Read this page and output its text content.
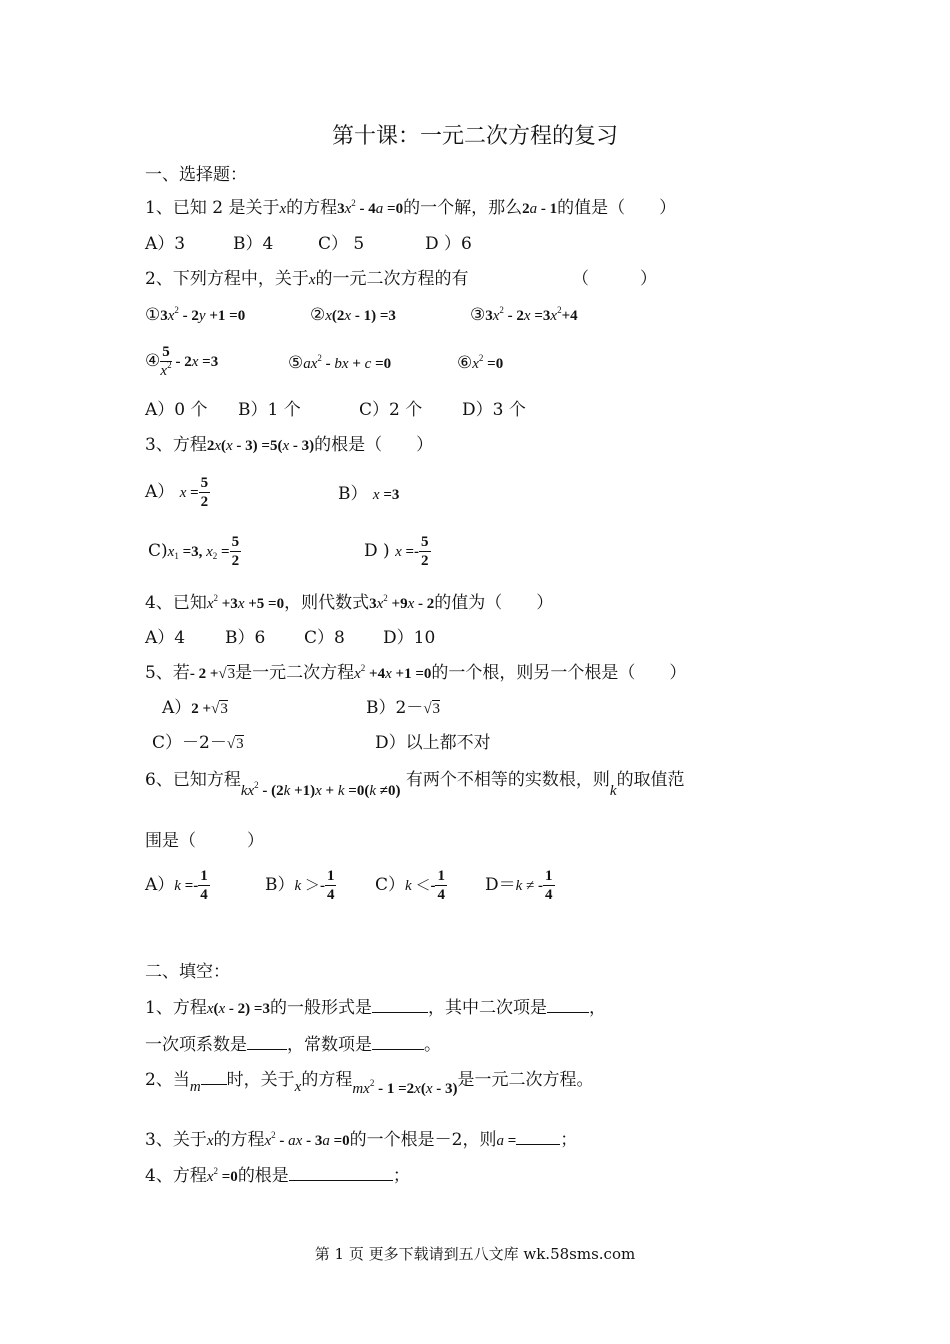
第十课：一元二次方程的复习
一、选择题：
1、已知 2 是关于x的方程$3x^2 - 4a =0$的一个解，那么2a - 1的值是（　　）
A）3	B）4	C） 5	D ）6
2、下列方程中，关于x的一元二次方程的有	（　　　）
$①3x^2 - 2y +1 =0$	②x(2x - 1) =3	$③3x^2 - 2x =3x^2+4$
④ $\frac{5}{x^2} - 2x =3$	$⑤ax^2$ - bx + c =0	$⑥x^2 =0$
A）0 个 B）1 个	C）2 个 D）3 个
3、方程2x(x - 3) =5(x - 3)的根是（　　）
A） $x = \frac{5}{2}$	B） x =3
$C)x_1 =3$, $x_2 = \frac{5}{2}$	D ) $x =- \frac{5}{2}$
4、已知$x^2 +3x +5 =0$，则代数式$3x^2 +9x - 2$的值为（　　）
A）4 B）6 C）8 D）10
5、若- 2 +√3是一元二次方程$x^2 +4x +1 =0$的一个根，则另一个根是（　　）
A）2 +√3	B）2－√3
C）－2－√3	D）以上都不对
6、已知方程$kx^2 - (2k +1)x + k =0(k \ne 0)$ 有两个不相等的实数根，则k的取值范
围是（　　　）
$A)k =- \frac{1}{4}$	$B)k >- \frac{1}{4} C)k <- \frac{1}{4} D=k$ ≠ - $\frac{1}{4}$
二、填空：
1、方程x(x - 2) =3的一般形式是	，其中二次项是 ，
一次项系数是 ，常数项是	。
2、当m 时，关于x的方程$mx^2 - 1 =2x(x - 3)$是一元二次方程。
3、关于x的方程$x^2$ - ax - 3a =0的一个根是－2，则a =	；
4、方程$x^2 =0$的根是	；
第 1 页 更多下载请到五八文库 wk.58sms.com
